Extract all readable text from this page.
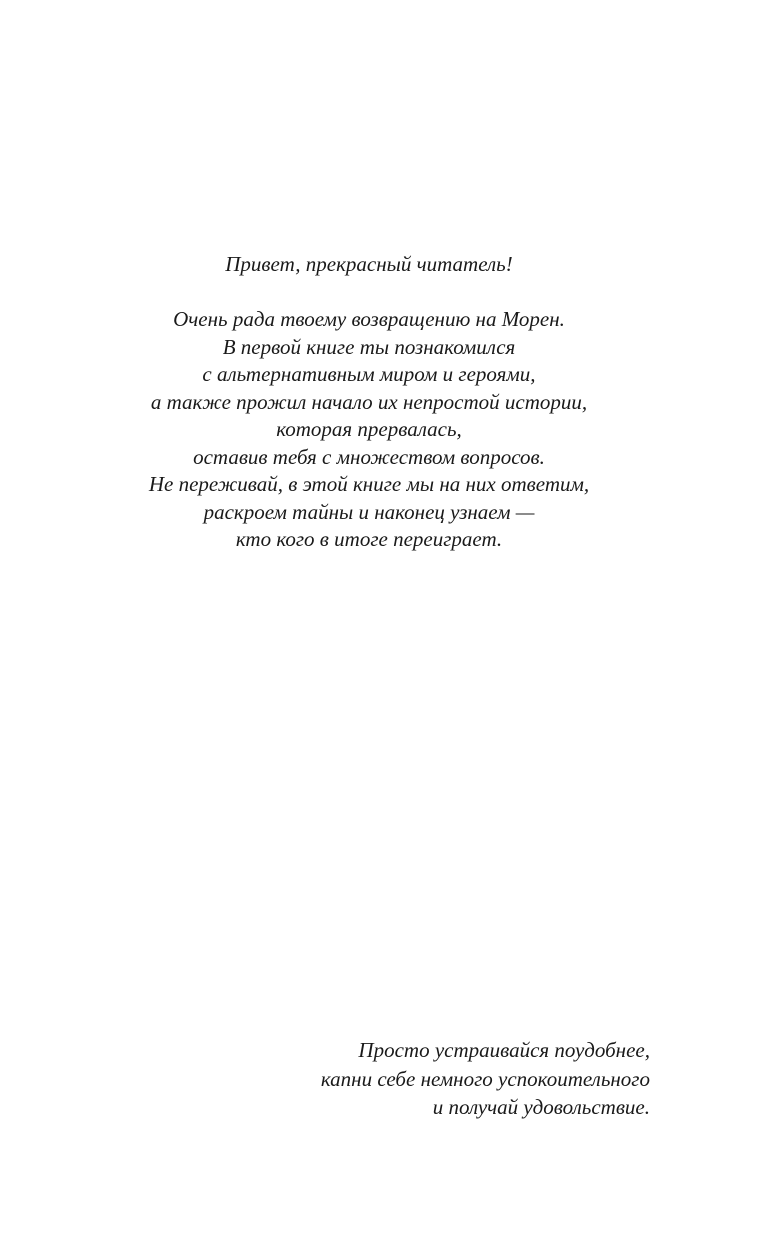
Привет, прекрасный читатель!

Очень рада твоему возвращению на Морен.
В первой книге ты познакомился
с альтернативным миром и героями,
а также прожил начало их непростой истории,
которая прервалась,
оставив тебя с множеством вопросов.
Не переживай, в этой книге мы на них ответим,
раскроем тайны и наконец узнаем —
кто кого в итоге переиграет.

Просто устраивайся поудобнее,
капни себе немного успокоительного
и получай удовольствие.
